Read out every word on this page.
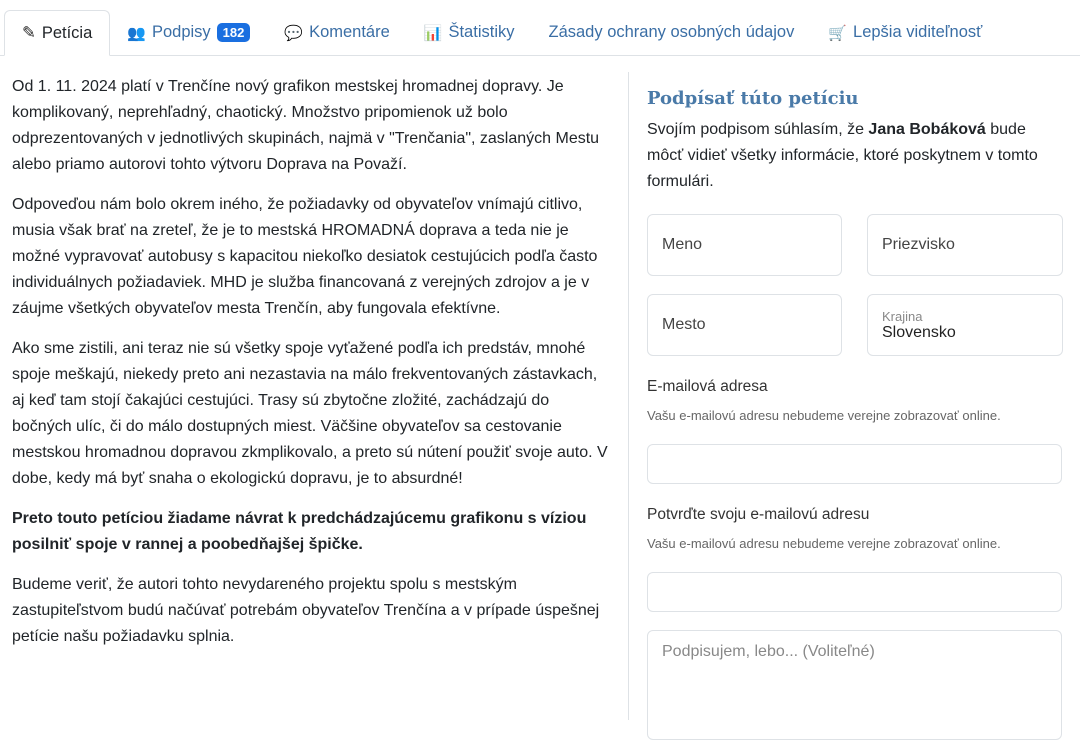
✎ Petícia 👥 Podpisy 182	💬 Komentáre 📊 Štatistiky Zásady ochrany osobných údajov 🛒 Lepšia viditeľnosť

Od 1. 11. 2024 platí v Trenčíne nový grafikon mestskej hromadnej dopravy. Je komplikovaný, neprehľadný, chaotický. Množstvo pripomienok už bolo odprezentovaných v jednotlivých skupinách, najmä v "Trenčania", zaslaných Mestu alebo priamo autorovi tohto výtvoru Doprava na Považí.

Odpoveďou nám bolo okrem iného, že požiadavky od obyvateľov vnímajú citlivo, musia však brať na zreteľ, že je to mestská HROMADNÁ doprava a teda nie je možné vypravovať autobusy s kapacitou niekoľko desiatok cestujúcich podľa často individuálnych požiadaviek. MHD je služba financovaná z verejných zdrojov a je v záujme všetkých obyvateľov mesta Trenčín, aby fungovala efektívne.

Ako sme zistili, ani teraz nie sú všetky spoje vyťažené podľa ich predstáv, mnohé spoje meškajú, niekedy preto ani nezastavia na málo frekventovaných zástavkach, aj keď tam stojí čakajúci cestujúci. Trasy sú zbytočne zložité, zachádzajú do bočných ulíc, či do málo dostupných miest. Väčšine obyvateľov sa cestovanie mestskou hromadnou dopravou zkmplikovalo, a preto sú nútení použiť svoje auto. V dobe, kedy má byť snaha o ekologickú dopravu, je to absurdné!

Preto touto petíciou žiadame návrat k predchádzajúcemu grafikonu s víziou posilniť spoje v rannej a poobedňajšej špičke.

Budeme veriť, že autori tohto nevydareného projektu spolu s mestským zastupiteľstvom budú načúvať potrebám obyvateľov Trenčína a v prípade úspešnej petície našu požiadavku splnia.

Podpísať túto petíciu

Svojím podpisom súhlasím, že Jana Bobáková bude môcť vidieť všetky informácie, ktoré poskytnem v tomto formulári.

Meno	Priezvisko
Mesto	Krajina
Slovensko
E-mailová adresa
Vašu e-mailovú adresu nebudeme verejne zobrazovať online.
Potvrďte svoju e-mailovú adresu
Vašu e-mailovú adresu nebudeme verejne zobrazovať online.
Podpisujem, lebo... (Voliteľné)
